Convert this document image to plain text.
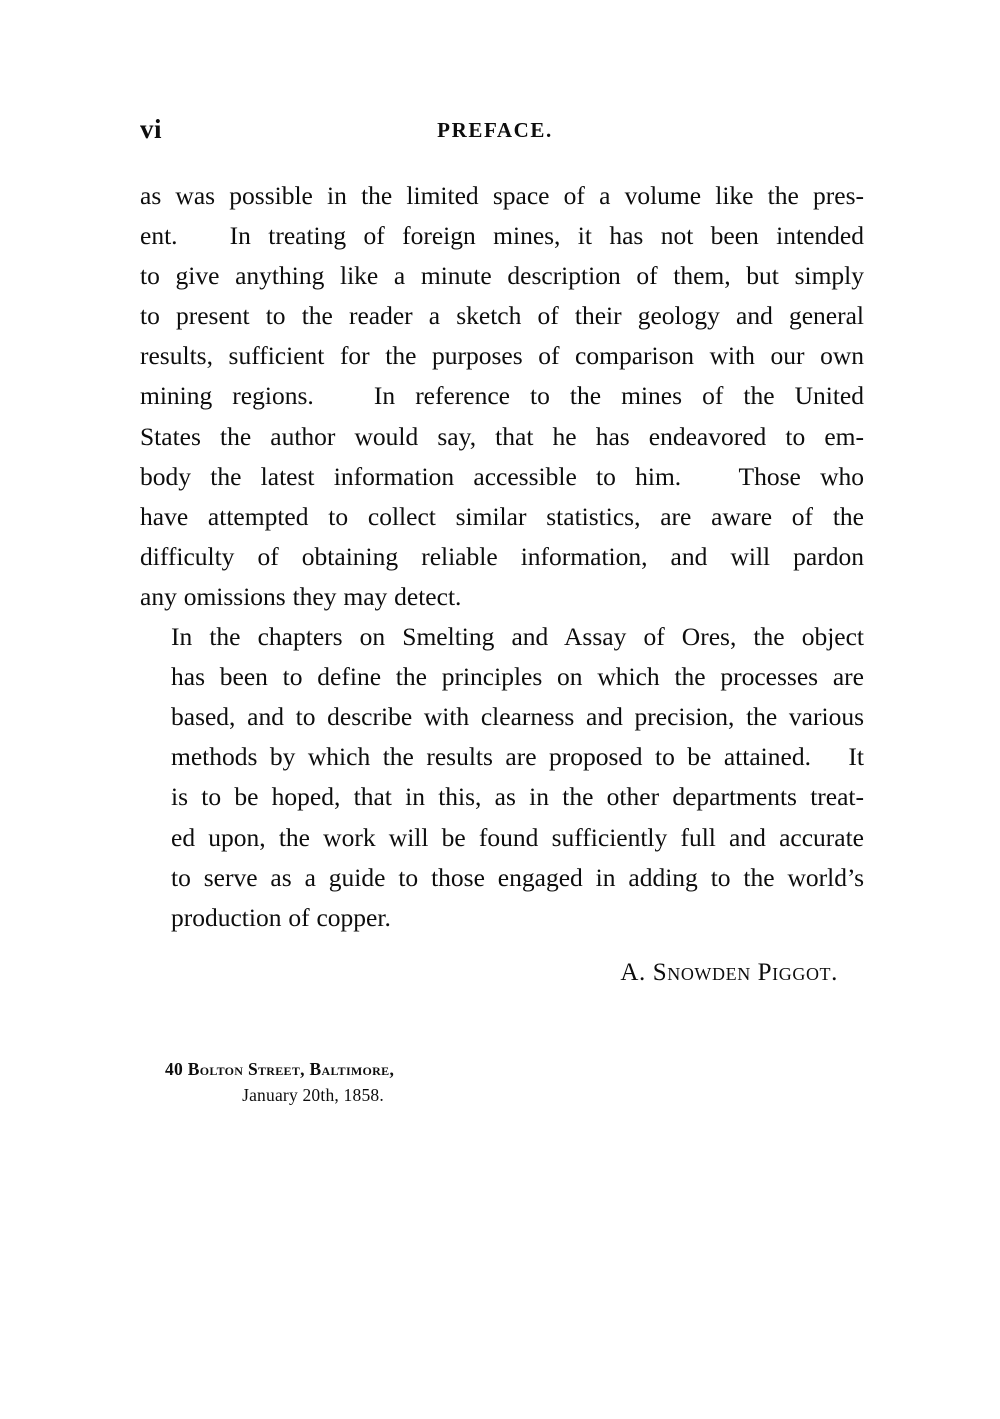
vi	PREFACE.

as was possible in the limited space of a volume like the pres-
ent.   In treating of foreign mines, it has not been intended
to give anything like a minute description of them, but simply
to present to the reader a sketch of their geology and general
results, sufficient for the purposes of comparison with our own
mining regions.   In reference to the mines of the United
States the author would say, that he has endeavored to em-
body the latest information accessible to him.   Those who
have attempted to collect similar statistics, are aware of the
difficulty of obtaining reliable information, and will pardon
any omissions they may detect.

In the chapters on Smelting and Assay of Ores, the object
has been to define the principles on which the processes are
based, and to describe with clearness and precision, the various
methods by which the results are proposed to be attained.   It
is to be hoped, that in this, as in the other departments treat-
ed upon, the work will be found sufficiently full and accurate
to serve as a guide to those engaged in adding to the world’s
production of copper.

A. Snowden Piggot.
40 Bolton Street, Baltimore,
January 20th, 1858.
